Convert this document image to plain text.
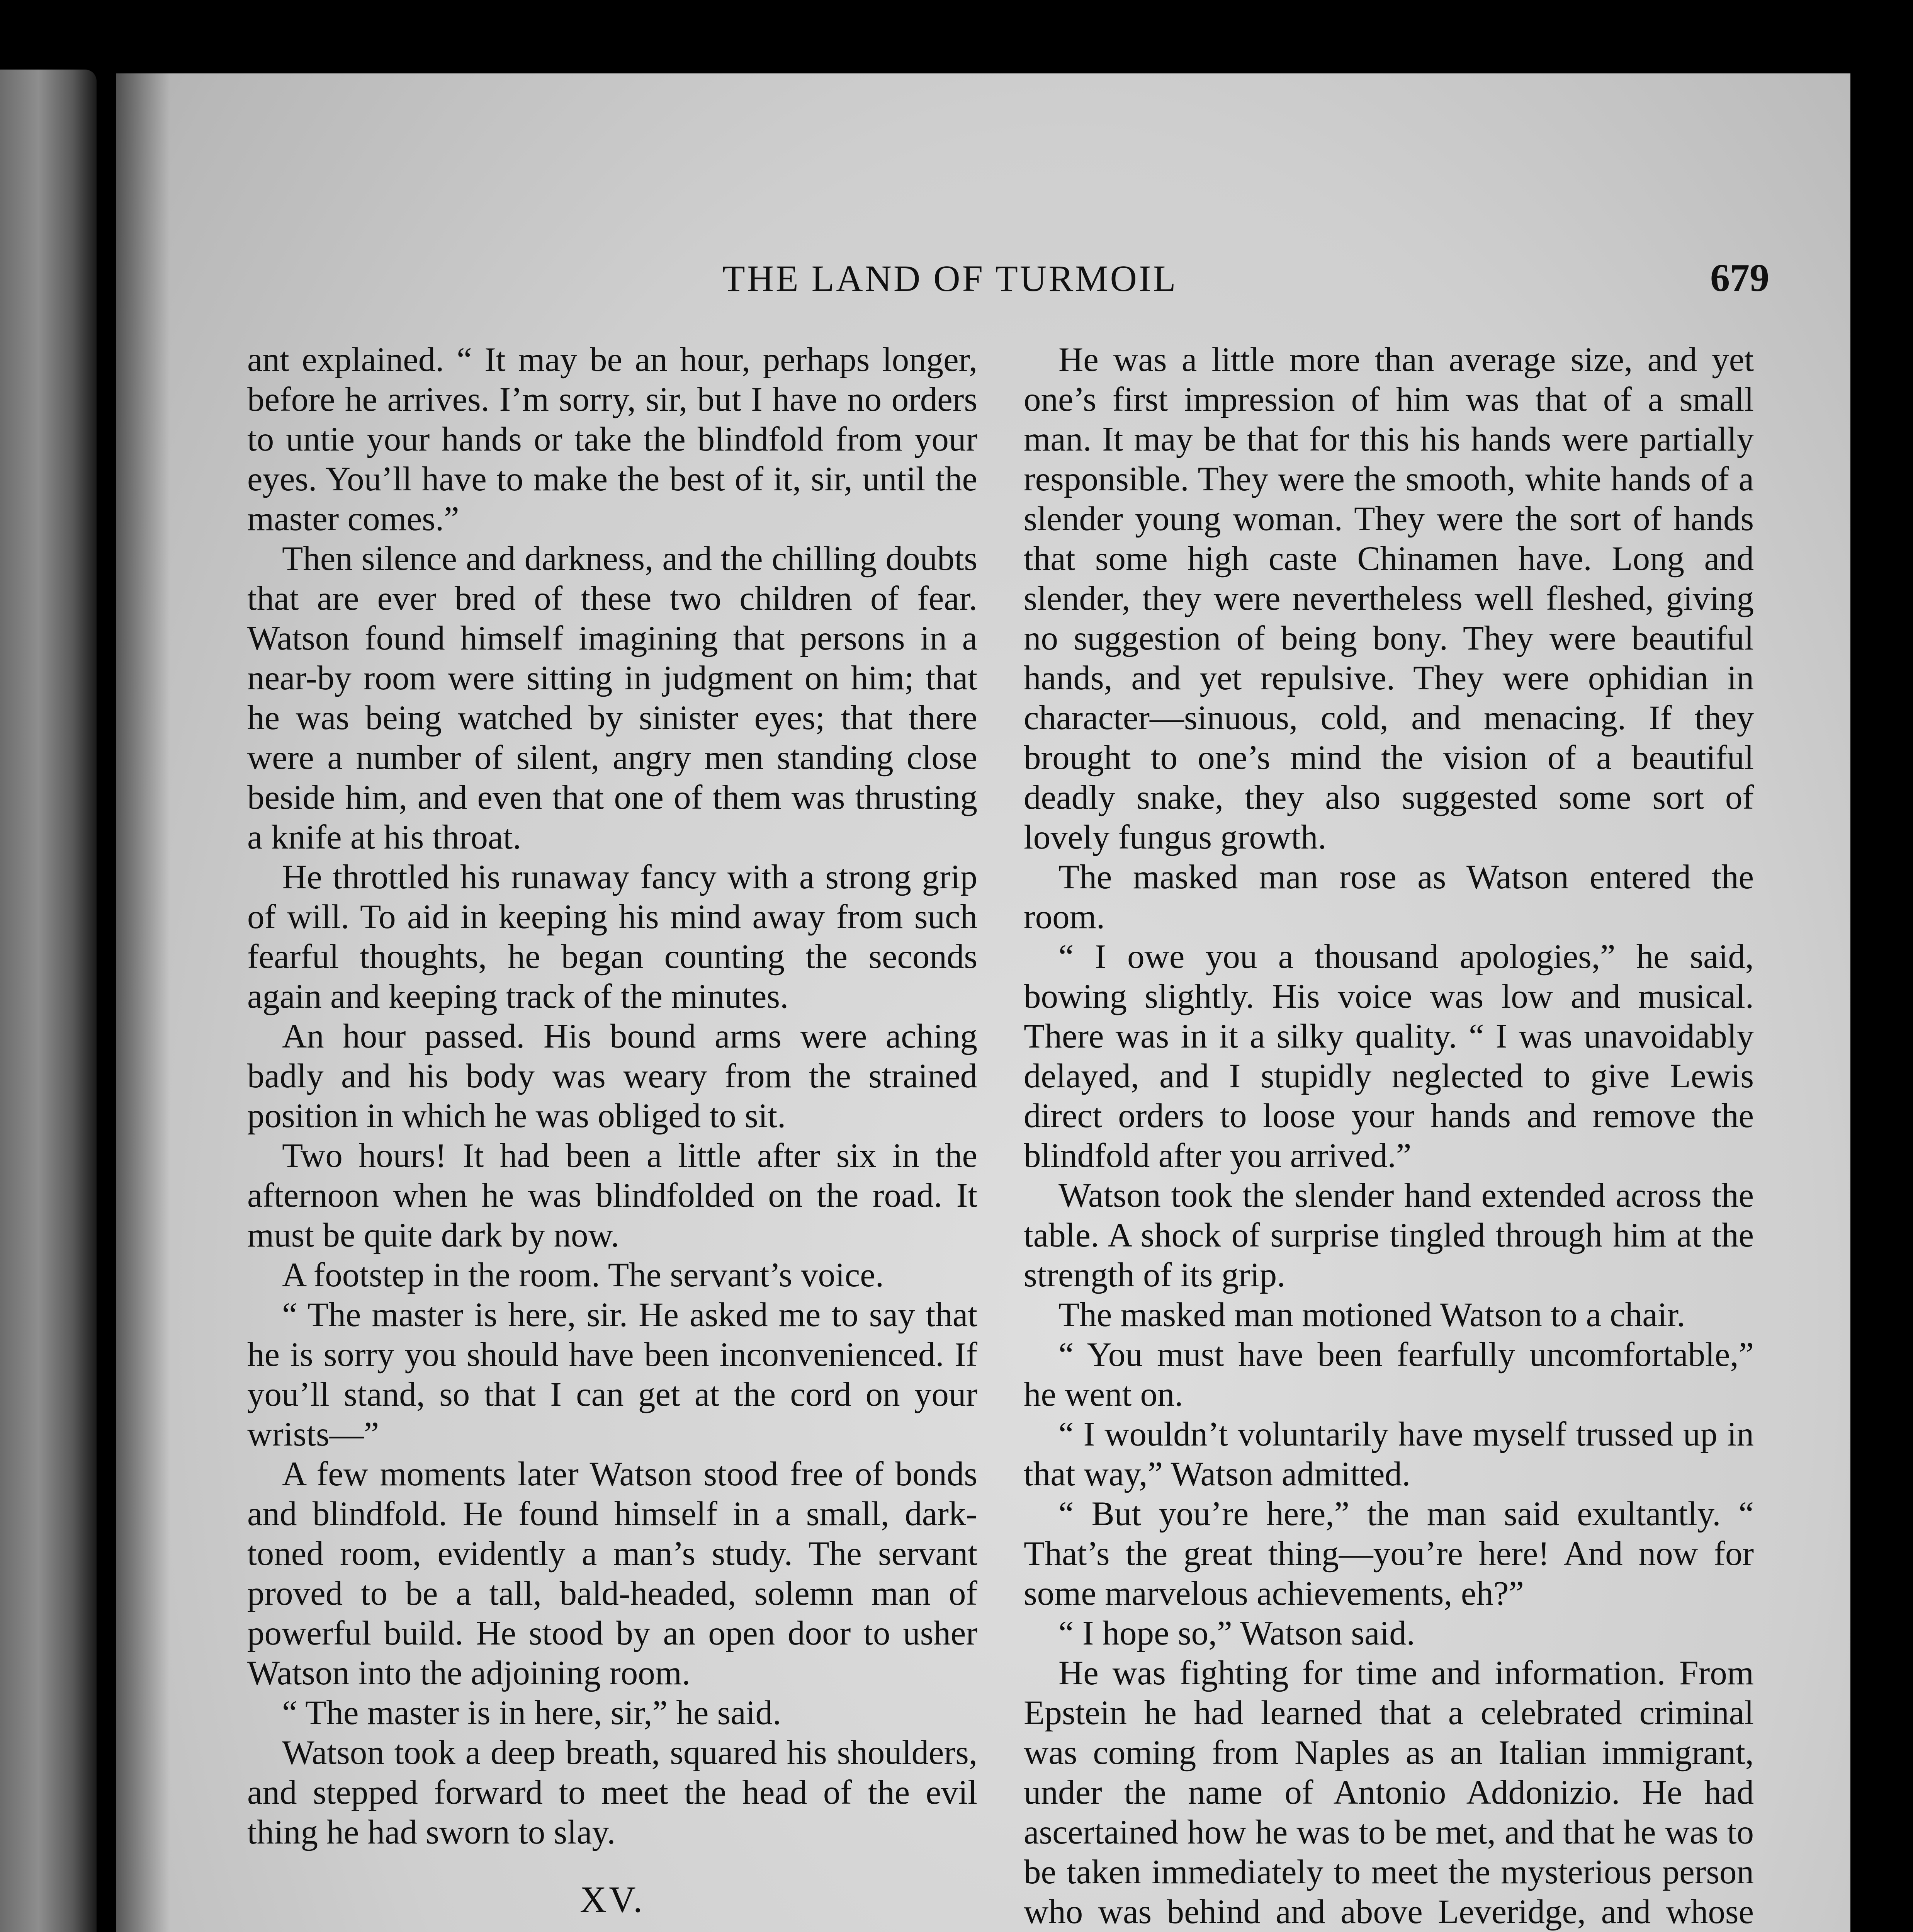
THE LAND OF TURMOIL	679

ant explained. “ It may be an hour, perhaps longer, before he arrives. I’m sorry, sir, but I have no orders to untie your hands or take the blindfold from your eyes. You’ll have to make the best of it, sir, until the master comes.”

Then silence and darkness, and the chilling doubts that are ever bred of these two children of fear. Watson found himself imagining that persons in a near-by room were sitting in judgment on him; that he was being watched by sinister eyes; that there were a number of silent, angry men standing close beside him, and even that one of them was thrusting a knife at his throat.

He throttled his runaway fancy with a strong grip of will. To aid in keeping his mind away from such fearful thoughts, he began counting the seconds again and keeping track of the minutes.

An hour passed. His bound arms were aching badly and his body was weary from the strained position in which he was obliged to sit.

Two hours! It had been a little after six in the afternoon when he was blindfolded on the road. It must be quite dark by now.

A footstep in the room. The servant’s voice.

“ The master is here, sir. He asked me to say that he is sorry you should have been inconvenienced. If you’ll stand, so that I can get at the cord on your wrists—”

A few moments later Watson stood free of bonds and blindfold. He found himself in a small, dark-toned room, evidently a man’s study. The servant proved to be a tall, bald-headed, solemn man of powerful build. He stood by an open door to usher Watson into the adjoining room.

“ The master is in here, sir,” he said.

Watson took a deep breath, squared his shoulders, and stepped forward to meet the head of the evil thing he had sworn to slay.

XV.

He was a little more than average size, and yet one’s first impression of him was that of a small man. It may be that for this his hands were partially responsible. They were the smooth, white hands of a slender young woman. They were the sort of hands that some high caste Chinamen have. Long and slender, they were nevertheless well fleshed, giving no suggestion of being bony. They were beautiful hands, and yet repulsive. They were ophidian in character—sinuous, cold, and menacing. If they brought to one’s mind the vision of a beautiful deadly snake, they also suggested some sort of lovely fungus growth.

The masked man rose as Watson entered the room.

“ I owe you a thousand apologies,” he said, bowing slightly. His voice was low and musical. There was in it a silky quality. “ I was unavoidably delayed, and I stupidly neglected to give Lewis direct orders to loose your hands and remove the blindfold after you arrived.”

Watson took the slender hand extended across the table. A shock of surprise tingled through him at the strength of its grip.

The masked man motioned Watson to a chair.

“ You must have been fearfully uncomfortable,” he went on.

“ I wouldn’t voluntarily have myself trussed up in that way,” Watson admitted.

“ But you’re here,” the man said exultantly. “ That’s the great thing—you’re here! And now for some marvelous achievements, eh?”

“ I hope so,” Watson said.

He was fighting for time and information. From Epstein he had learned that a celebrated criminal was coming from Naples as an Italian immigrant, under the name of Antonio Addonizio. He had ascertained how he was to be met, and that he was to be taken immediately to meet the mysterious person who was behind and above Leveridge, and whose
